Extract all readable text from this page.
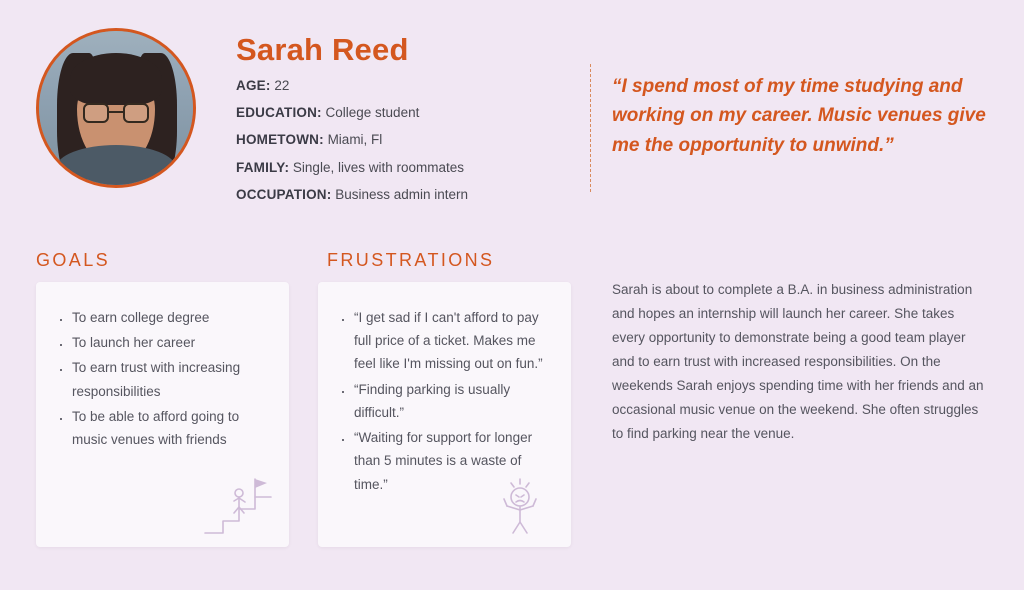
Sarah Reed
AGE: 22
EDUCATION: College student
HOMETOWN: Miami, Fl
FAMILY: Single, lives with roommates
OCCUPATION: Business admin intern
“I spend most of my time studying and working on my career. Music venues give me the opportunity to unwind.”
GOALS
· To earn college degree
· To launch her career
· To earn trust with increasing responsibilities
· To be able to afford going to music venues with friends
FRUSTRATIONS
· “I get sad if I can't afford to pay full price of a ticket. Makes me feel like I'm missing out on fun.”
· “Finding parking is usually difficult.”
· “Waiting for support for longer than 5 minutes is a waste of time.”
Sarah is about to complete a B.A. in business administration and hopes an internship will launch her career. She takes every opportunity to demonstrate being a good team player and to earn trust with increased responsibilities. On the weekends Sarah enjoys spending time with her friends and an occasional music venue on the weekend. She often struggles to find parking near the venue.
